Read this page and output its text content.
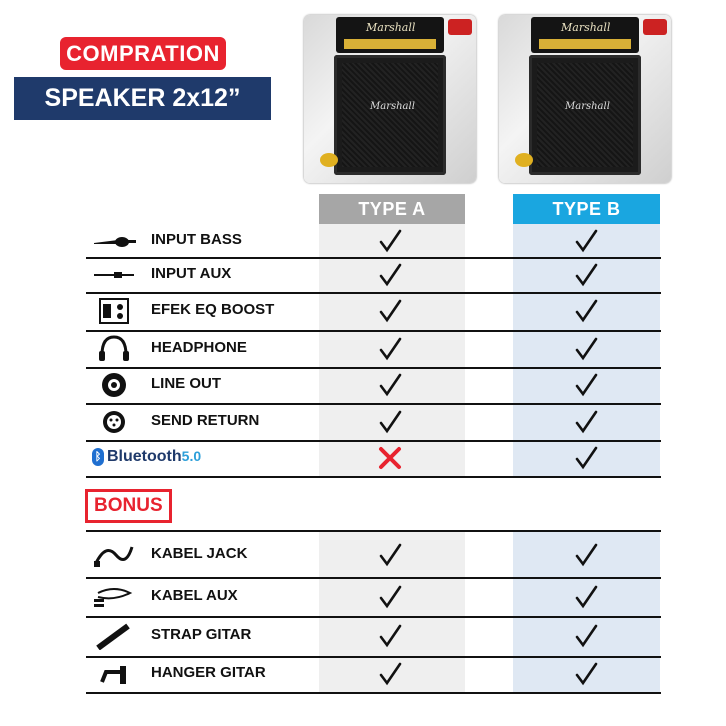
COMPRATION
SPEAKER 2x12”
Marshall
Marshall
Marshall
Marshall
TYPE A	TYPE B
INPUT BASS
INPUT AUX
EFEK EQ BOOST
HEADPHONE
LINE OUT
SEND RETURN
ᛒ Bluetooth5.0
KABEL JACK
KABEL AUX
STRAP GITAR
HANGER GITAR
BONUS
